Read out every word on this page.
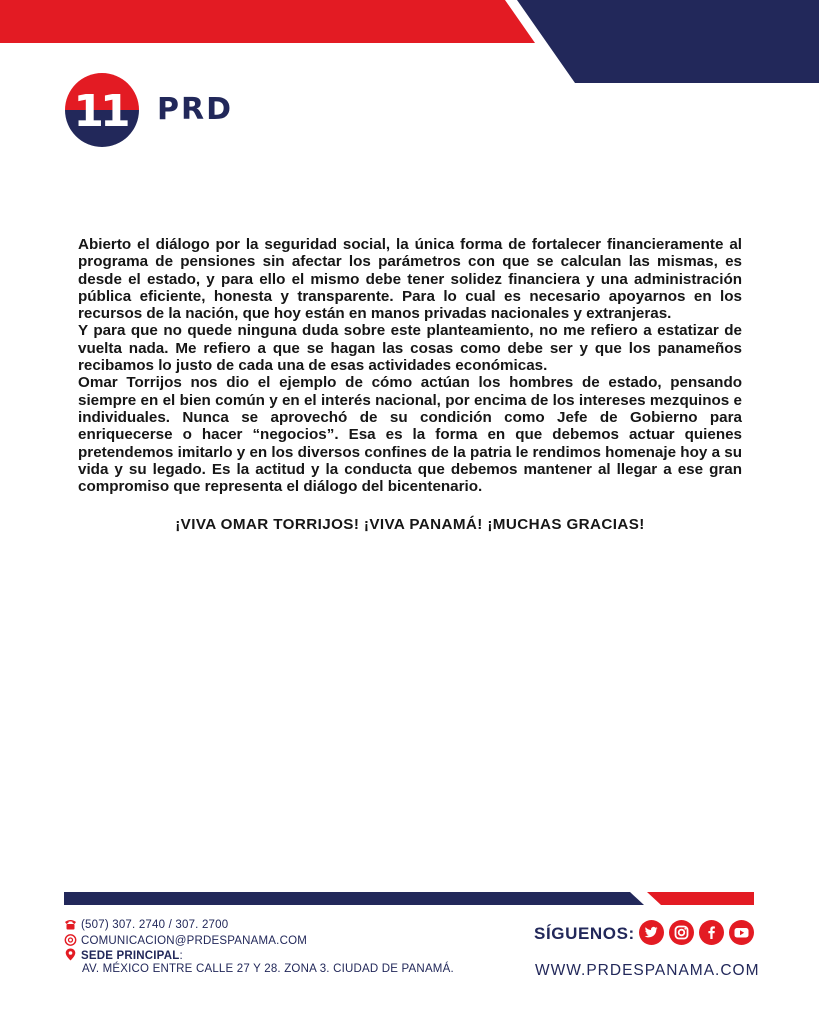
11 PRD

Abierto el diálogo por la seguridad social, la única forma de fortalecer financieramente al programa de pensiones sin afectar los parámetros con que se calculan las mismas, es desde el estado, y para ello el mismo debe tener solidez financiera y una administración pública eficiente, honesta y transparente. Para lo cual es necesario apoyarnos en los recursos de la nación, que hoy están en manos privadas nacionales y extranjeras.

Y para que no quede ninguna duda sobre este planteamiento, no me refiero a estatizar de vuelta nada. Me refiero a que se hagan las cosas como debe ser y que los panameños recibamos lo justo de cada una de esas actividades económicas.

Omar Torrijos nos dio el ejemplo de cómo actúan los hombres de estado, pensando siempre en el bien común y en el interés nacional, por encima de los intereses mezquinos e individuales. Nunca se aprovechó de su condición como Jefe de Gobierno para enriquecerse o hacer “negocios”. Esa es la forma en que debemos actuar quienes pretendemos imitarlo y en los diversos confines de la patria le rendimos homenaje hoy a su vida y su legado. Es la actitud y la conducta que debemos mantener al llegar a ese gran compromiso que representa el diálogo del bicentenario.

¡VIVA OMAR TORRIJOS! ¡VIVA PANAMÁ! ¡MUCHAS GRACIAS!
(507) 307. 2740 / 307. 2700
COMUNICACION@PRDESPANAMA.COM
SEDE PRINCIPAL:
AV. MÉXICO ENTRE CALLE 27 Y 28. ZONA 3. CIUDAD DE PANAMÁ.
SÍGUENOS:
WWW.PRDESPANAMA.COM
